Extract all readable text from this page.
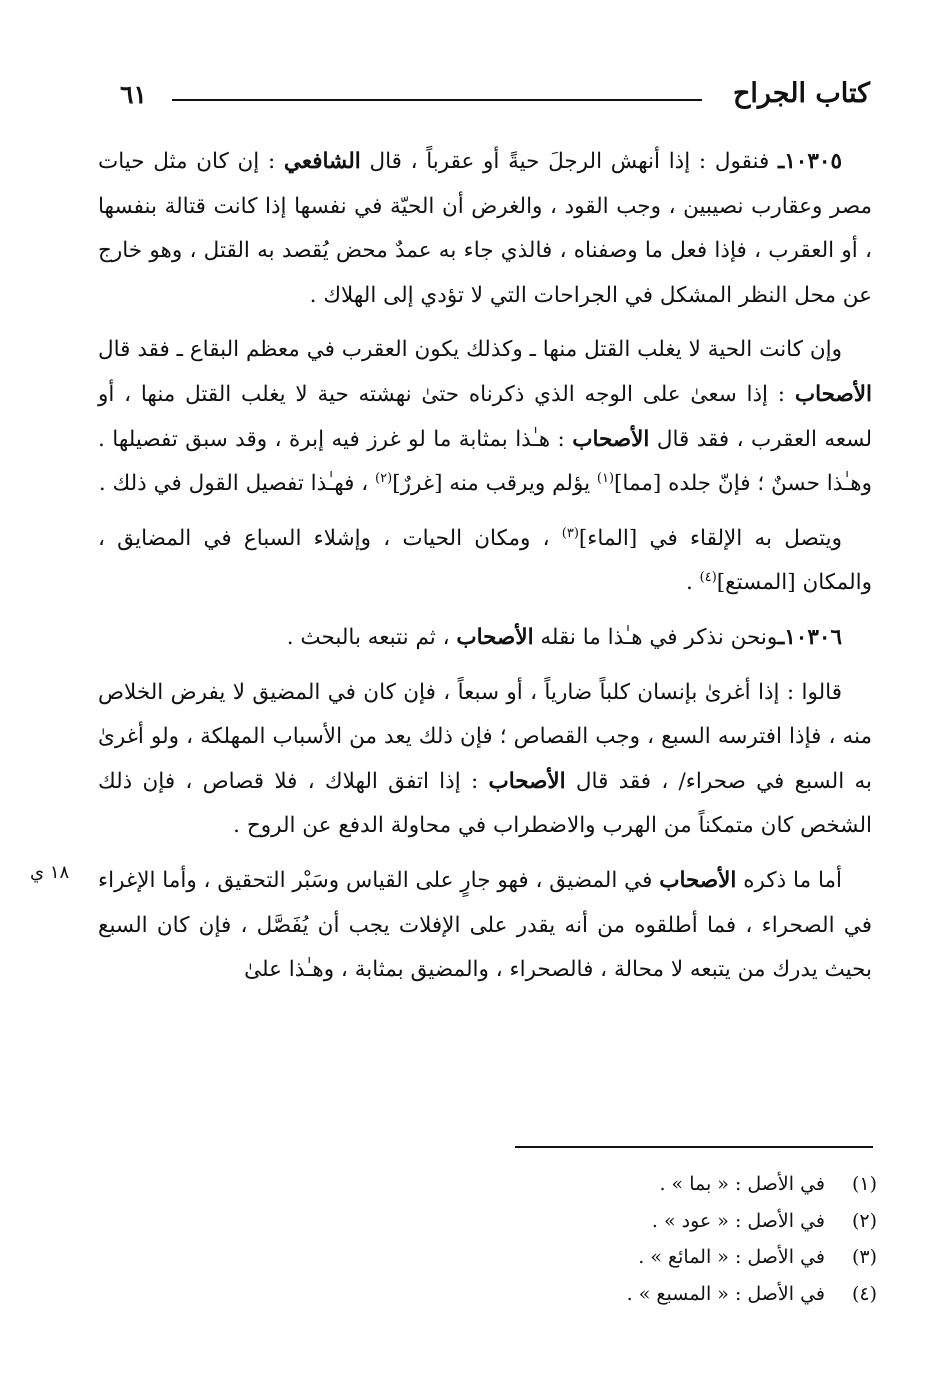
كتاب الجراح
٦١

١٠٣٠٥ـ فنقول : إذا أنهش الرجلَ حيةً أو عقرباً ، قال الشافعي : إن كان مثل حيات مصر وعقارب نصيبين ، وجب القود ، والغرض أن الحيّة في نفسها إذا كانت قتالة بنفسها ، أو العقرب ، فإذا فعل ما وصفناه ، فالذي جاء به عمدٌ محض يُقصد به القتل ، وهو خارج عن محل النظر المشكل في الجراحات التي لا تؤدي إلى الهلاك .

وإن كانت الحية لا يغلب القتل منها ـ وكذلك يكون العقرب في معظم البقاع ـ فقد قال الأصحاب : إذا سعىٰ على الوجه الذي ذكرناه حتىٰ نهشته حية لا يغلب القتل منها ، أو لسعه العقرب ، فقد قال الأصحاب : هـٰذا بمثابة ما لو غرز فيه إبرة ، وقد سبق تفصيلها . وهـٰذا حسنٌ ؛ فإنّ جلده [مما]$^{(١)}$ يؤلم ويرقب منه [غررٌ]$^{(٢)}$ ، فهـٰذا تفصيل القول في ذلك .

ويتصل به الإلقاء في [الماء]$^{(٣)}$ ، ومكان الحيات ، وإشلاء السباع في المضايق ، والمكان [المستع]$^{(٤)}$ .

١٠٣٠٦ـونحن نذكر في هـٰذا ما نقله الأصحاب ، ثم نتبعه بالبحث .

قالوا : إذا أغرىٰ بإنسان كلباً ضارياً ، أو سبعاً ، فإن كان في المضيق لا يفرض الخلاص منه ، فإذا افترسه السبع ، وجب القصاص ؛ فإن ذلك يعد من الأسباب المهلكة ، ولو أغرىٰ به السبع في صحراء/ ، فقد قال الأصحاب : إذا اتفق الهلاك ، فلا قصاص ، فإن ذلك الشخص كان متمكناً من الهرب والاضطراب في محاولة الدفع عن الروح .

أما ما ذكره الأصحاب في المضيق ، فهو جارٍ على القياس وسَبْر التحقيق ، وأما الإغراء في الصحراء ، فما أطلقوه من أنه يقدر على الإفلات يجب أن يُفَصَّل ، فإن كان السبع بحيث يدرك من يتبعه لا محالة ، فالصحراء ، والمضيق بمثابة ، وهـٰذا علىٰ

١٨ ي
(١)في الأصل : « بما » .
(٢)في الأصل : « عود » .
(٣)في الأصل : « المائع » .
(٤)في الأصل : « المسبع » .
